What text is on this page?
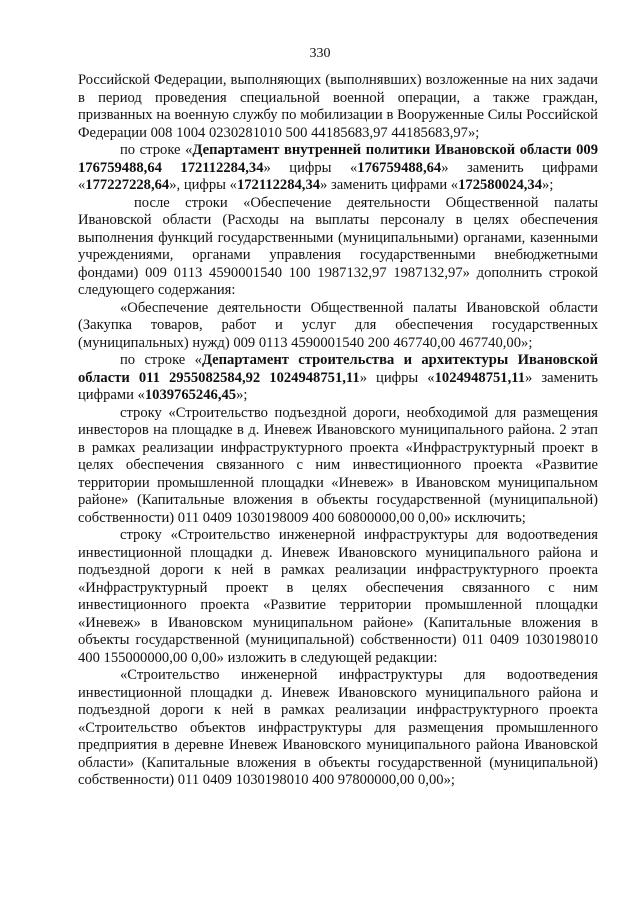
330

Российской Федерации, выполняющих (выполнявших) возложенные на них задачи в период проведения специальной военной операции, а также граждан, призванных на военную службу по мобилизации в Вооруженные Силы Российской Федерации 008 1004 0230281010 500 44185683,97 44185683,97»;

по строке «Департамент внутренней политики Ивановской области 009 176759488,64 172112284,34» цифры «176759488,64» заменить цифрами «177227228,64», цифры «172112284,34» заменить цифрами «172580024,34»;

после строки «Обеспечение деятельности Общественной палаты Ивановской области (Расходы на выплаты персоналу в целях обеспечения выполнения функций государственными (муниципальными) органами, казенными учреждениями, органами управления государственными внебюджетными фондами) 009 0113 4590001540 100 1987132,97 1987132,97» дополнить строкой следующего содержания:

«Обеспечение деятельности Общественной палаты Ивановской области (Закупка товаров, работ и услуг для обеспечения государственных (муниципальных) нужд) 009 0113 4590001540 200 467740,00 467740,00»;

по строке «Департамент строительства и архитектуры Ивановской области 011 2955082584,92 1024948751,11» цифры «1024948751,11» заменить цифрами «1039765246,45»;

строку «Строительство подъездной дороги, необходимой для размещения инвесторов на площадке в д. Иневеж Ивановского муниципального района. 2 этап в рамках реализации инфраструктурного проекта «Инфраструктурный проект в целях обеспечения связанного с ним инвестиционного проекта «Развитие территории промышленной площадки «Иневеж» в Ивановском муниципальном районе» (Капитальные вложения в объекты государственной (муниципальной) собственности) 011 0409 1030198009 400 60800000,00 0,00» исключить;

строку «Строительство инженерной инфраструктуры для водоотведения инвестиционной площадки д. Иневеж Ивановского муниципального района и подъездной дороги к ней в рамках реализации инфраструктурного проекта «Инфраструктурный проект в целях обеспечения связанного с ним инвестиционного проекта «Развитие территории промышленной площадки «Иневеж» в Ивановском муниципальном районе» (Капитальные вложения в объекты государственной (муниципальной) собственности) 011 0409 1030198010 400 155000000,00 0,00» изложить в следующей редакции:

«Строительство инженерной инфраструктуры для водоотведения инвестиционной площадки д. Иневеж Ивановского муниципального района и подъездной дороги к ней в рамках реализации инфраструктурного проекта «Строительство объектов инфраструктуры для размещения промышленного предприятия в деревне Иневеж Ивановского муниципального района Ивановской области» (Капитальные вложения в объекты государственной (муниципальной) собственности) 011 0409 1030198010 400 97800000,00 0,00»;
